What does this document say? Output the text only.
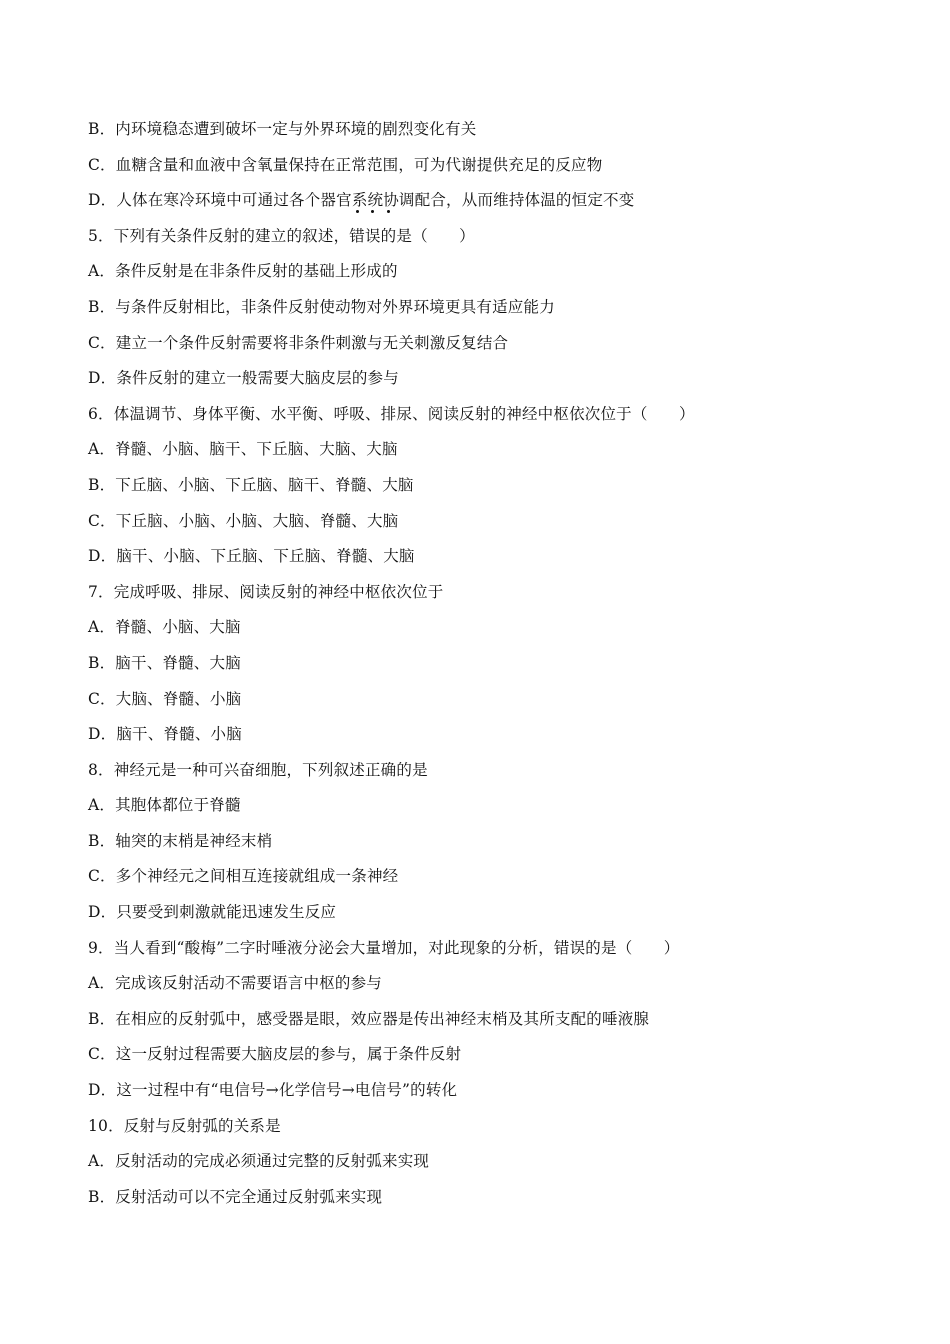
B．内环境稳态遭到破坏一定与外界环境的剧烈变化有关
C．血糖含量和血液中含氧量保持在正常范围，可为代谢提供充足的反应物
D．人体在寒冷环境中可通过各个器官系统协调配合，从而维持体温的恒定不变
5．下列有关条件反射的建立的叙述，
错
误
的是（　　）
A．条件反射是在非条件反射的基础上形成的
B．与条件反射相比，非条件反射使动物对外界环境更具有适应能力
C．建立一个条件反射需要将非条件刺激与无关刺激反复结合
D．条件反射的建立一般需要大脑皮层的参与
6．体温调节、身体平衡、水平衡、呼吸、排尿、阅读反射的神经中枢依次位于（　　）
A．脊髓、小脑、脑干、下丘脑、大脑、大脑
B．下丘脑、小脑、下丘脑、脑干、脊髓、大脑
C．下丘脑、小脑、小脑、大脑、脊髓、大脑
D．脑干、小脑、下丘脑、下丘脑、脊髓、大脑
7．完成呼吸、排尿、阅读反射的神经中枢依次位于
A．脊髓、小脑、大脑
B．脑干、脊髓、大脑
C．大脑、脊髓、小脑
D．脑干、脊髓、小脑
8．神经元是一种可兴奋细胞，下列叙述正确的是
A．其胞体都位于脊髓
B．轴突的末梢是神经末梢
C．多个神经元之间相互连接就组成一条神经
D．只要受到刺激就能迅速发生反应
9．当人看到“酸梅”二字时唾液分泌会大量增加，对此现象的分析，错误的是（　　）
A．完成该反射活动不需要语言中枢的参与
B．在相应的反射弧中，感受器是眼，效应器是传出神经末梢及其所支配的唾液腺
C．这一反射过程需要大脑皮层的参与，属于条件反射
D．这一过程中有“电信号→化学信号→电信号”的转化
10．反射与反射弧的关系是
A．反射活动的完成必须通过完整的反射弧来实现
B．反射活动可以不完全通过反射弧来实现
